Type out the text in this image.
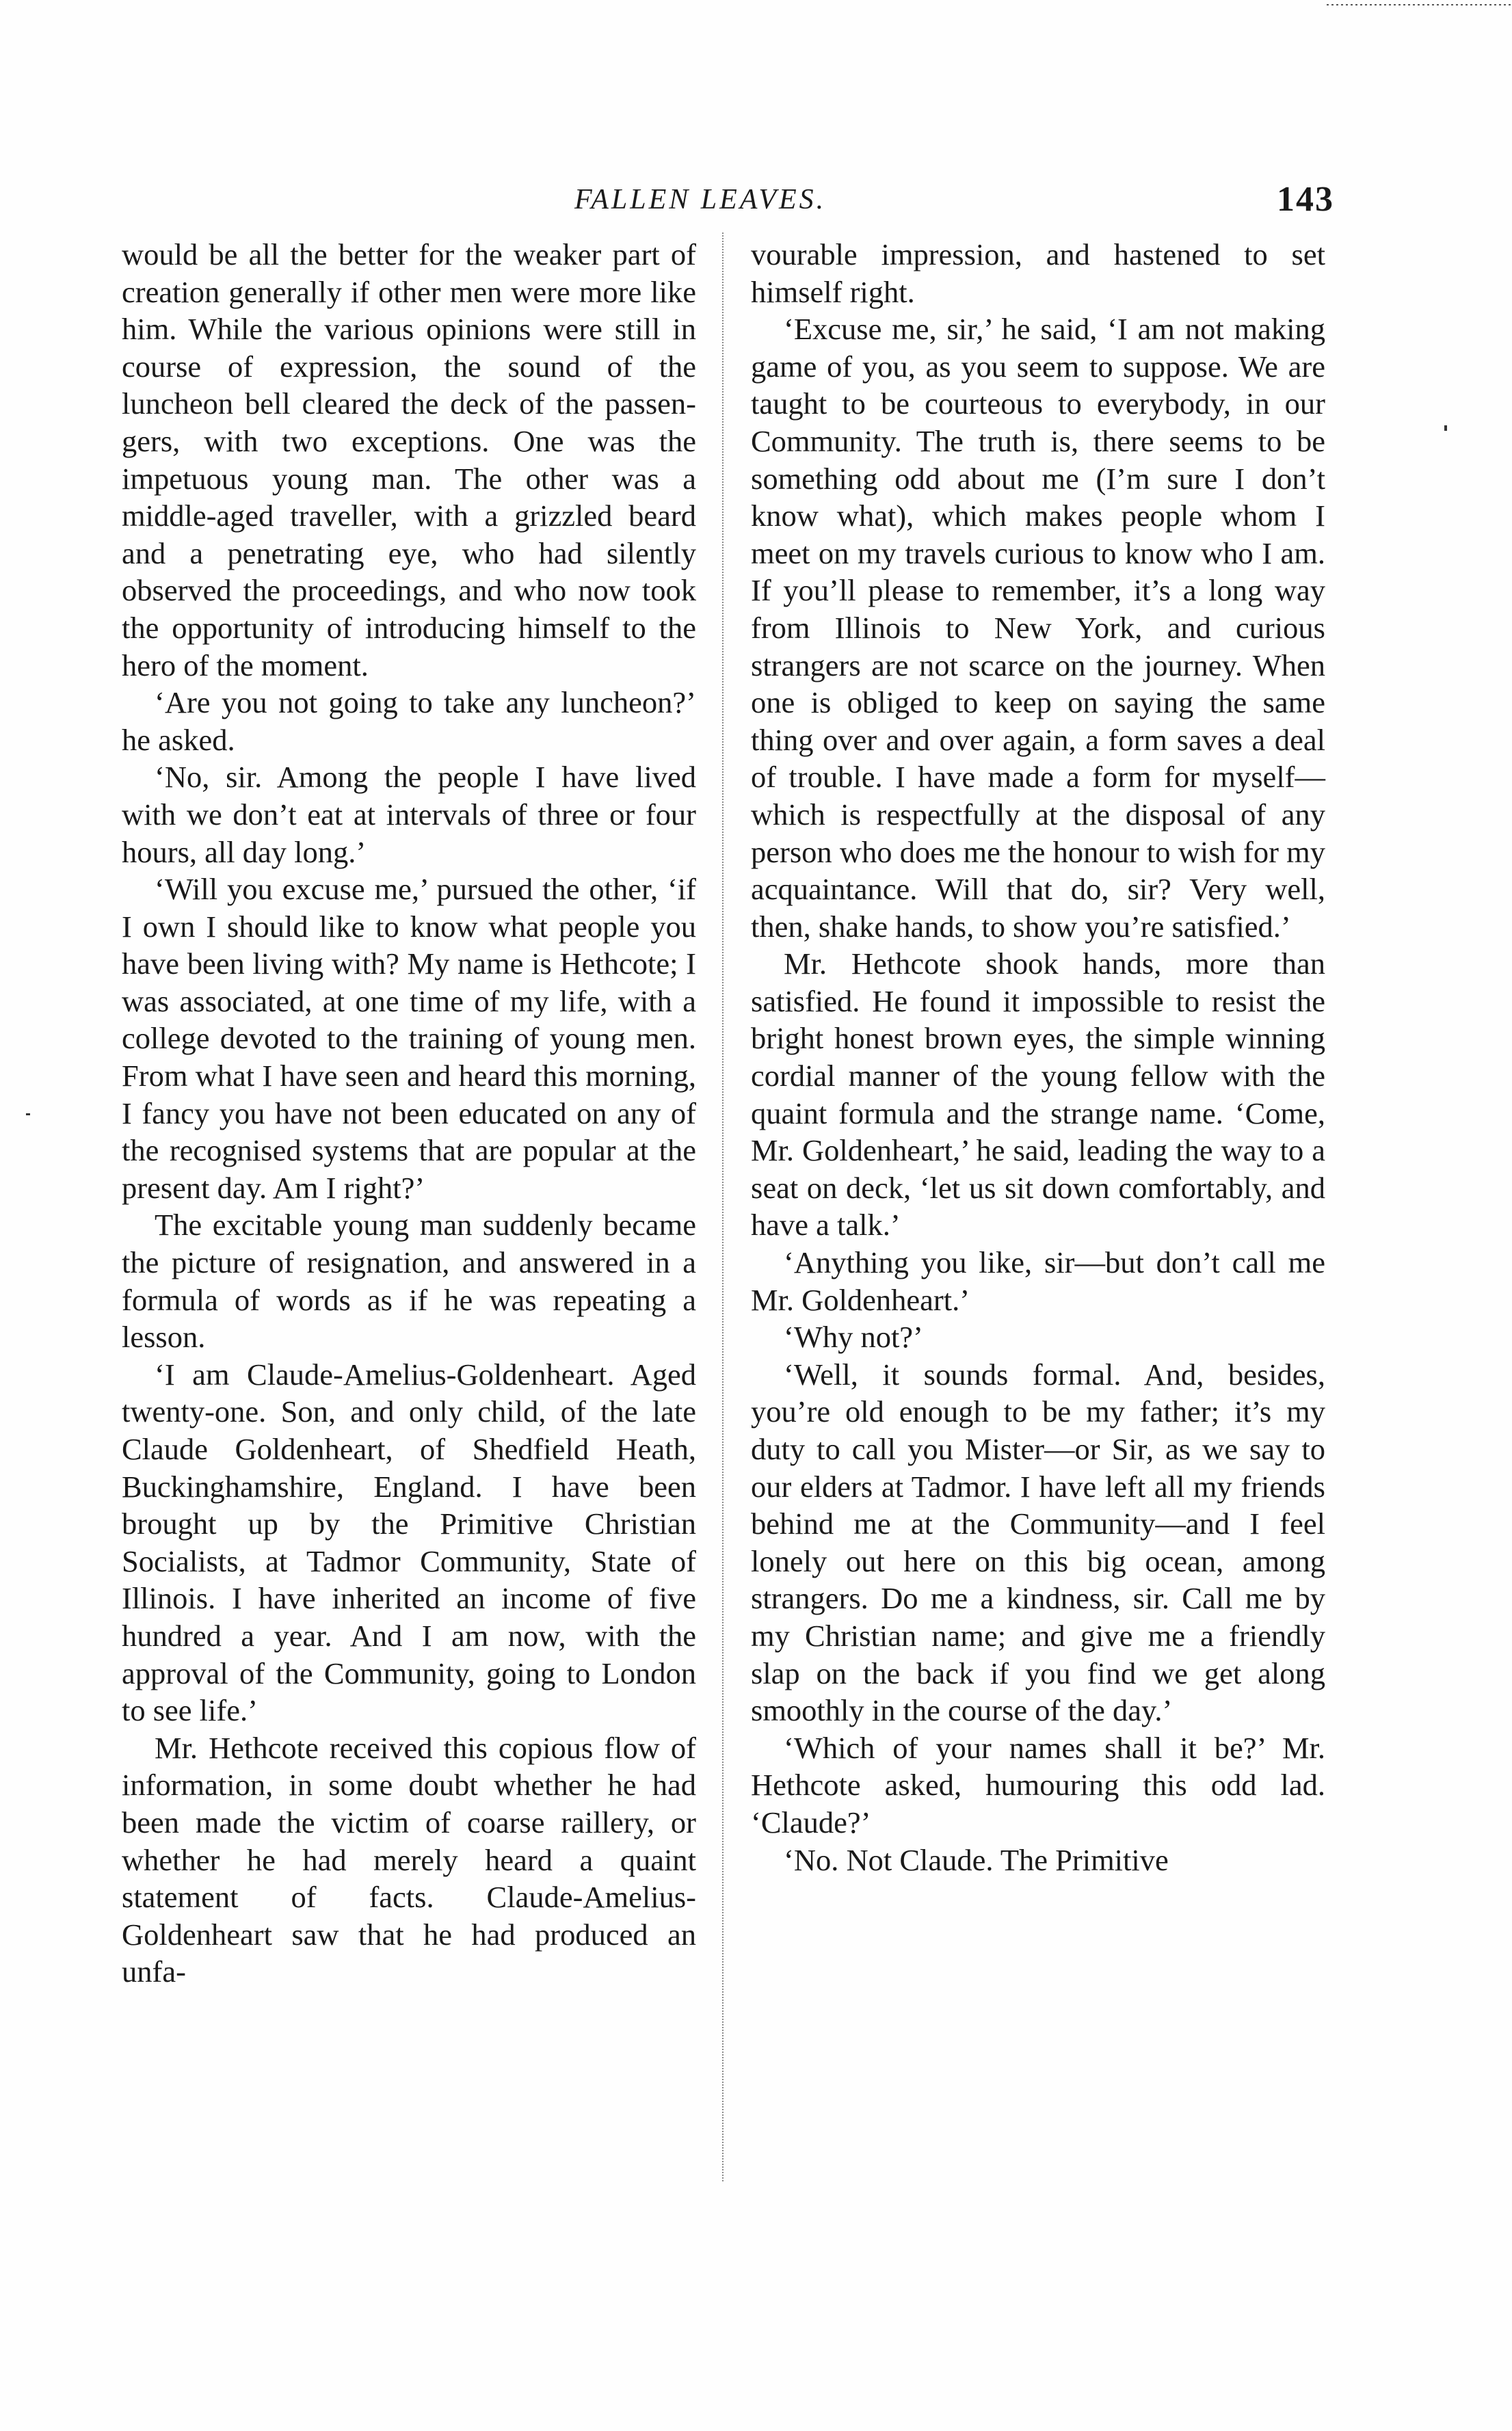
FALLEN LEAVES.	143

would be all the better for the weaker part of creation generally if other men were more like him. While the various opinions were still in course of expression, the sound of the luncheon bell cleared the deck of the passengers, with two exceptions. One was the impetuous young man. The other was a middle-aged traveller, with a grizzled beard and a penetrating eye, who had silently observed the proceedings, and who now took the opportunity of introducing himself to the hero of the moment.

‘Are you not going to take any luncheon?’ he asked.

‘No, sir. Among the people I have lived with we don’t eat at intervals of three or four hours, all day long.’

‘Will you excuse me,’ pursued the other, ‘if I own I should like to know what people you have been living with? My name is Hethcote; I was associated, at one time of my life, with a college devoted to the training of young men. From what I have seen and heard this morning, I fancy you have not been educated on any of the recognised systems that are popular at the present day. Am I right?’

The excitable young man suddenly became the picture of resignation, and answered in a formula of words as if he was repeating a lesson.

‘I am Claude-Amelius-Goldenheart. Aged twenty-one. Son, and only child, of the late Claude Goldenheart, of Shedfield Heath, Buckinghamshire, England. I have been brought up by the Primitive Christian Socialists, at Tadmor Community, State of Illinois. I have inherited an income of five hundred a year. And I am now, with the approval of the Community, going to London to see life.’

Mr. Hethcote received this copious flow of information, in some doubt whether he had been made the victim of coarse raillery, or whether he had merely heard a quaint statement of facts. Claude-Amelius-Goldenheart saw that he had produced an unfa-

vourable impression, and hastened to set himself right.

‘Excuse me, sir,’ he said, ‘I am not making game of you, as you seem to suppose. We are taught to be courteous to everybody, in our Community. The truth is, there seems to be something odd about me (I’m sure I don’t know what), which makes people whom I meet on my travels curious to know who I am. If you’ll please to remember, it’s a long way from Illinois to New York, and curious strangers are not scarce on the journey. When one is obliged to keep on saying the same thing over and over again, a form saves a deal of trouble. I have made a form for myself—which is respectfully at the disposal of any person who does me the honour to wish for my acquaintance. Will that do, sir? Very well, then, shake hands, to show you’re satisfied.’

Mr. Hethcote shook hands, more than satisfied. He found it impossible to resist the bright honest brown eyes, the simple winning cordial manner of the young fellow with the quaint formula and the strange name. ‘Come, Mr. Goldenheart,’ he said, leading the way to a seat on deck, ‘let us sit down comfortably, and have a talk.’

‘Anything you like, sir—but don’t call me Mr. Goldenheart.’

‘Why not?’

‘Well, it sounds formal. And, besides, you’re old enough to be my father; it’s my duty to call you Mister—or Sir, as we say to our elders at Tadmor. I have left all my friends behind me at the Community—and I feel lonely out here on this big ocean, among strangers. Do me a kindness, sir. Call me by my Christian name; and give me a friendly slap on the back if you find we get along smoothly in the course of the day.’

‘Which of your names shall it be?’ Mr. Hethcote asked, humouring this odd lad. ‘Claude?’

‘No. Not Claude. The Primitive
